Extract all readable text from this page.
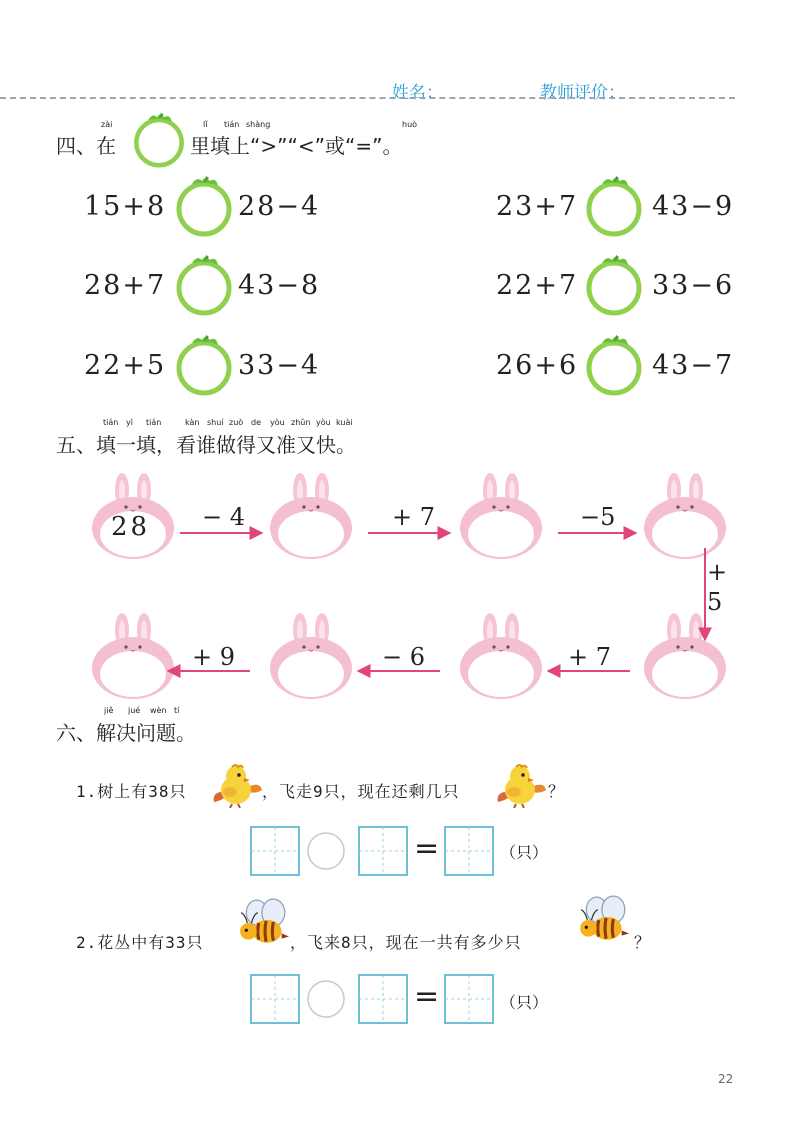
姓名：	教师评价：
zài	lǐ tián shàng	huò
四、在	里填上“>”“<”或“=”。
15+8	28−4	23+7	43−9
28+7	43−8	22+7	33−6
22+5	33−4	26+6	43−7
tián yì tián	kàn shuí zuò de yòu zhǔn yòu kuài
五、填一填，看谁做得又准又快。
28 − 4	+ 7	−5
+
5
+ 7
− 6
+ 9
jiě jué wèn tí
六、解决问题。
1.树上有38只	，飞走9只，现在还剩几只	？
=	（只）
2.花丛中有33只	，飞来8只，现在一共有多少只	？
=	（只）
22
